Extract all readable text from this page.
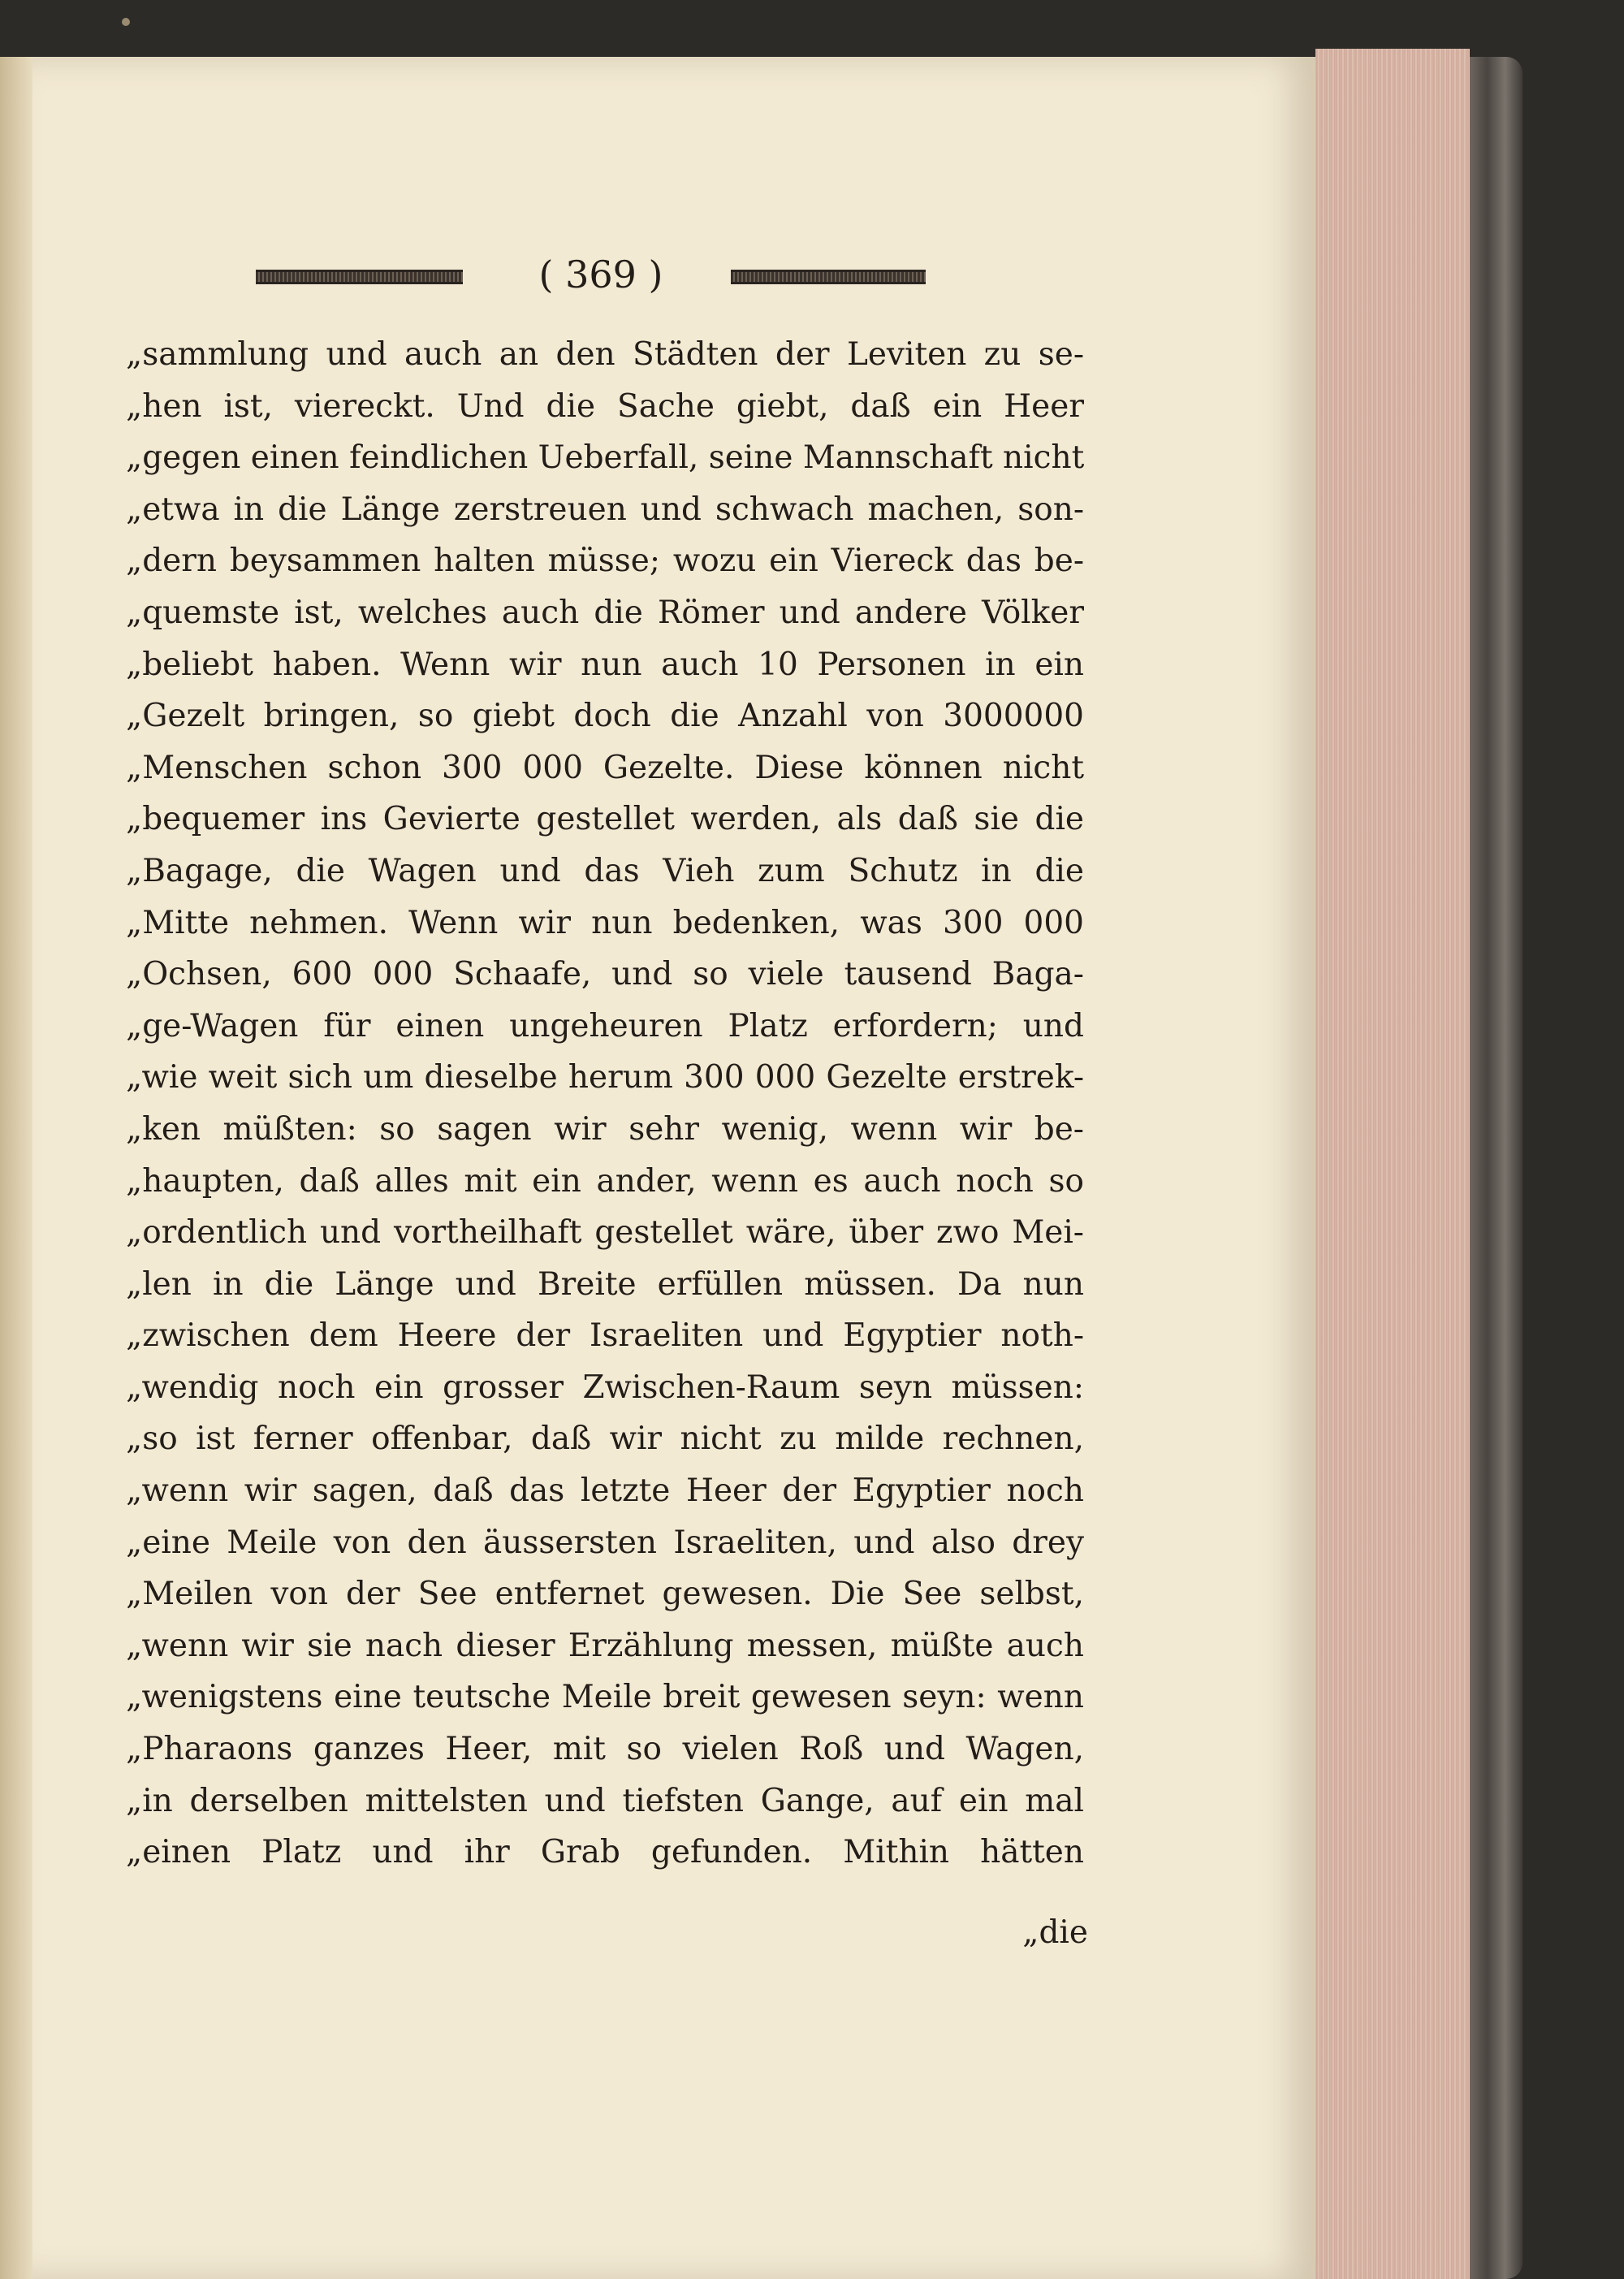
( 369 )
„sammlung und auch an den Städten der Leviten zu se-
„hen ist, viereckt. Und die Sache giebt, daß ein Heer
„gegen einen feindlichen Ueberfall, seine Mannschaft nicht
„etwa in die Länge zerstreuen und schwach machen, son-
„dern beysammen halten müsse; wozu ein Viereck das be-
„quemste ist, welches auch die Römer und andere Völker
„beliebt haben. Wenn wir nun auch 10 Personen in ein
„Gezelt bringen, so giebt doch die Anzahl von 3000000
„Menschen schon 300 000 Gezelte. Diese können nicht
„bequemer ins Gevierte gestellet werden, als daß sie die
„Bagage, die Wagen und das Vieh zum Schutz in die
„Mitte nehmen. Wenn wir nun bedenken, was 300 000
„Ochsen, 600 000 Schaafe, und so viele tausend Baga-
„ge-Wagen für einen ungeheuren Platz erfordern; und
„wie weit sich um dieselbe herum 300 000 Gezelte erstrek-
„ken müßten: so sagen wir sehr wenig, wenn wir be-
„haupten, daß alles mit ein ander, wenn es auch noch so
„ordentlich und vortheilhaft gestellet wäre, über zwo Mei-
„len in die Länge und Breite erfüllen müssen. Da nun
„zwischen dem Heere der Israeliten und Egyptier noth-
„wendig noch ein grosser Zwischen-Raum seyn müssen:
„so ist ferner offenbar, daß wir nicht zu milde rechnen,
„wenn wir sagen, daß das letzte Heer der Egyptier noch
„eine Meile von den äussersten Israeliten, und also drey
„Meilen von der See entfernet gewesen. Die See selbst,
„wenn wir sie nach dieser Erzählung messen, müßte auch
„wenigstens eine teutsche Meile breit gewesen seyn: wenn
„Pharaons ganzes Heer, mit so vielen Roß und Wagen,
„in derselben mittelsten und tiefsten Gange, auf ein mal
„einen Platz und ihr Grab gefunden. Mithin hätten
„die
